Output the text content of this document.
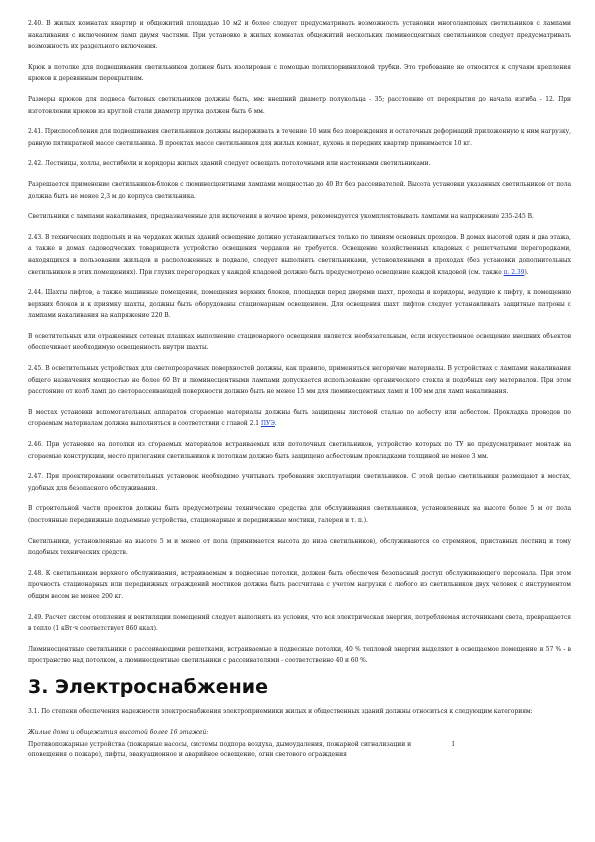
2.40. В жилых комнатах квартир и общежитий площадью 10 м2 и более следует предусматривать возможность установки многоламповых светильников с лампами накаливания с включением ламп двумя частями. При установке в жилых комнатах общежитий нескольких люминесцентных светильников следует предусматривать возможность их раздельного включения.

Крюк в потолке для подвешивания светильников должен быть изолирован с помощью полихлорвиниловой трубки. Это требование не относится к случаям крепления крюков к деревянным перекрытиям.

Размеры крюков для подвеса бытовых светильников должны быть, мм: внешний диаметр полукольца - 35; расстояние от перекрытия до начала изгиба - 12. При изготовлении крюков из круглой стали диаметр прутка должен быть 6 мм.

2.41. Приспособления для подвешивания светильников должны выдерживать в течение 10 мин без повреждения и остаточных деформаций приложенную к ним нагрузку, равную пятикратной массе светильника. В проектах массе светильников для жилых комнат, кухонь и передних квартир принимается 10 кг.

2.42. Лестницы, холлы, вестибюли и коридоры жилых зданий следует освещать потолочными или настенными светильниками.

Разрешается применение светильников-блоков с люминесцентными лампами мощностью до 40 Вт без рассеивателей. Высота установки указанных светильников от пола должна быть не менее 2,3 м до корпуса светильника.

Светильники с лампами накаливания, предназначенные для включения в ночное время, рекомендуется укомплектовывать лампами на напряжение 235-245 В.

2.43. В технических подпольях и на чердаках жилых зданий освещение должно устанавливаться только по линиям основных проходов. В домах высотой один и два этажа, а также в домах садоводческих товариществ устройство освещения чердаков не требуется. Освещение хозяйственных кладовых с решетчатыми перегородками, находящихся в пользовании жильцов и расположенных в подвале, следует выполнять светильниками, установленными в проходах (без установки дополнительных светильников в этих помещениях). При глухих перегородках у каждой кладовой должно быть предусмотрено освещение каждой кладовой (см. также п. 2.39).

2.44. Шахты лифтов, а также машинные помещения, помещения верхних блоков, площадки перед дверями шахт, проходы и коридоры, ведущие к лифту, к помещению верхних блоков и к приямку шахты, должны быть оборудованы стационарным освещением. Для освещения шахт лифтов следует устанавливать защитные патроны с лампами накаливания на напряжение 220 В.

В осветительных или отраженных сетевых плашках выполнение стационарного освещения является необязательным, если искусственное освещение внешних объектов обеспечивает необходимую освещенность внутри шахты.

2.45. В осветительных устройствах для светопрозрачных поверхностей должны, как правило, применяться негорючие материалы. В устройствах с лампами накаливания общего назначения мощностью не более 60 Вт и люминесцентными лампами допускается использование органического стекла и подобных ему материалов. При этом расстояние от колб ламп до светорассеивающей поверхности должно быть не менее 15 мм для люминесцентных ламп и 100 мм для ламп накаливания.

В местах установки вспомогательных аппаратов сгораемые материалы должны быть защищены листовой сталью по асбесту или асбестом. Прокладка проводов по сгораемым материалам должна выполняться в соответствии с главой 2.1 ПУЭ.

2.46. При установке на потолки из сгораемых материалов встраиваемых или потолочных светильников, устройство которых по ТУ не предусматривает монтаж на сгораемые конструкции, место прилегания светильников к потолкам должно быть защищено асбестовым прокладками толщиной не менее 3 мм.

2.47. При проектировании осветительных установок необходимо учитывать требования эксплуатации светильников. С этой целью светильники размещают в местах, удобных для безопасного обслуживания.

В строительной части проектов должны быть предусмотрены технические средства для обслуживания светильников, установленных на высоте более 5 м от пола (постоянные передвижные подъемные устройства, стационарные и передвижные мостики, галереи и т. п.).

Светильники, установленные на высоте 5 м и менее от пола (принимается высота до низа светильников), обслуживаются со стремянок, приставных лестниц и тому подобных технических средств.

2.48. К светильникам верхнего обслуживания, встраиваемым в подвесные потолки, должен быть обеспечен безопасный доступ обслуживающего персонала. При этом прочность стационарных или передвижных ограждений мостиков должна быть рассчитана с учетом нагрузки с любого из светильников двух человек с инструментом общим весом не менее 200 кг.

2.49. Расчет систем отопления и вентиляции помещений следует выполнять из условия, что вся электрическая энергия, потребляемая источниками света, превращается в тепло (1 кВт·ч соответствует 860 ккал).

Люминесцентные светильники с рассеивающими решетками, встраиваемые в подвесные потолки, 40 % тепловой энергии выделяют в освещаемое помещение и 57 % - в пространство над потолком, а люминесцентные светильники с рассеивателями - соответственно 40 и 60 %.

3. Электроснабжение

3.1. По степени обеспечения надежности электроснабжения электроприемники жилых и общественных зданий должны относиться к следующим категориям:

Жилые дома и общежития высотой более 16 этажей:
Противопожарные устройства (пожарные насосы, системы подпора воздуха, дымоудаления, пожарной сигнализации и оповещения о пожаре), лифты, эвакуационное и аварийное освещение, огни светового ограждения
I
